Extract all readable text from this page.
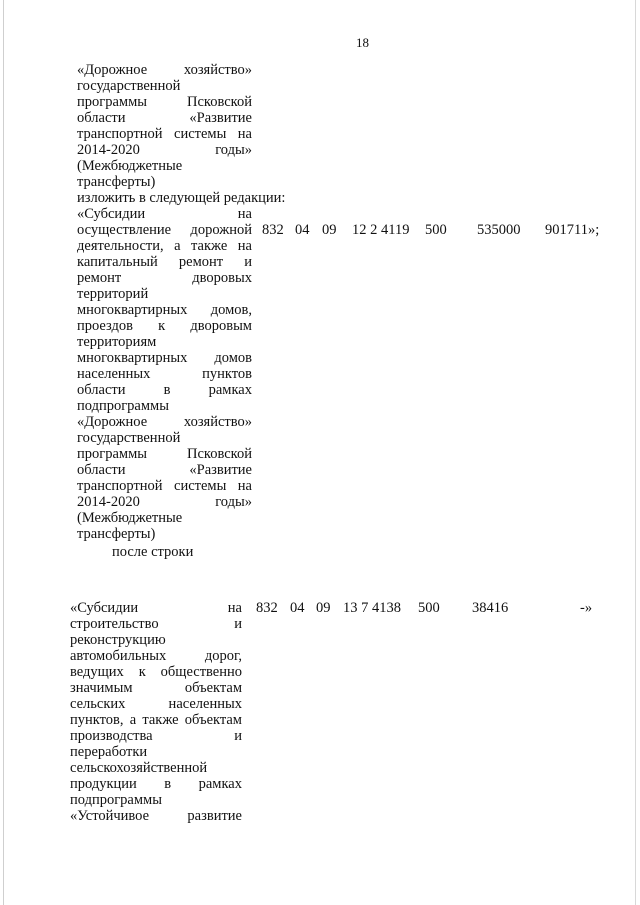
18
«Дорожное хозяйство»
государственной
программы Псковской
области «Развитие
транспортной системы на
2014-2020 годы»
(Межбюджетные
трансферты)
изложить в следующей редакции:
«Субсидии на
осуществление дорожной
деятельности, а также на
капитальный ремонт и
ремонт дворовых
территорий
многоквартирных домов,
проездов к дворовым
территориям
многоквартирных домов
населенных пунктов
области в рамках
подпрограммы
«Дорожное хозяйство»
государственной
программы Псковской
области «Развитие
транспортной системы на
2014-2020 годы»
(Межбюджетные
трансферты)
832 04 09 12 2 4119 500 535000 901711»;
после строки
«Субсидии на
строительство и
реконструкцию
автомобильных дорог,
ведущих к общественно
значимым объектам
сельских населенных
пунктов, а также объектам
производства и
переработки
сельскохозяйственной
продукции в рамках
подпрограммы
«Устойчивое развитие
832 04 09 13 7 4138 500 38416	-»
